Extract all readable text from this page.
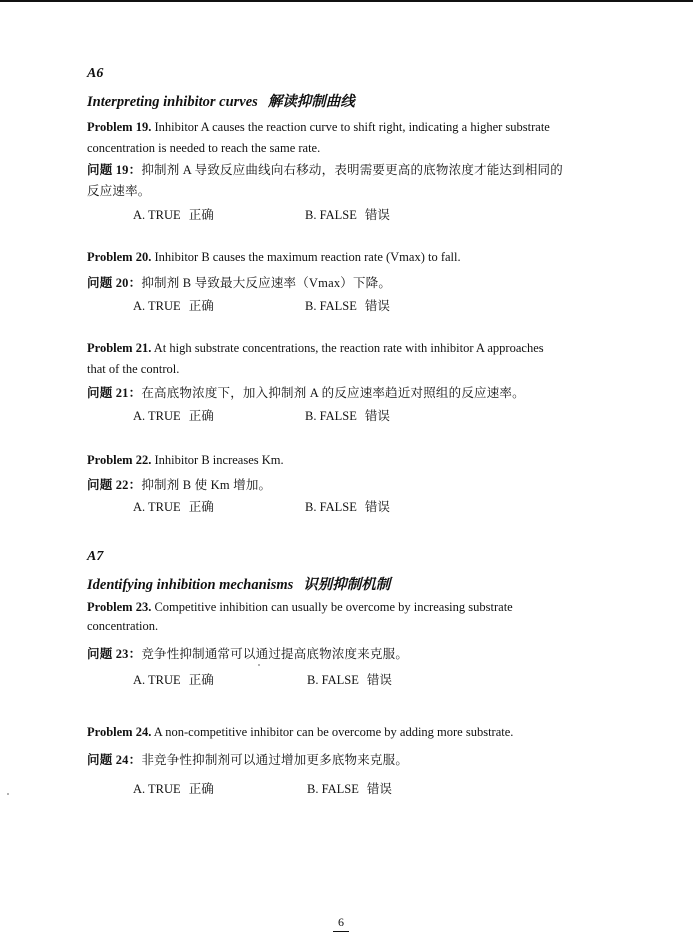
A6
Interpreting inhibitor curves 解读抑制曲线
Problem 19. Inhibitor A causes the reaction curve to shift right, indicating a higher substrate
concentration is needed to reach the same rate.
问题 19：抑制剂 A 导致反应曲线向右移动，表明需要更高的底物浓度才能达到相同的
反应速率。
A. TRUE 正确	B. FALSE 错误
Problem 20. Inhibitor B causes the maximum reaction rate (Vmax) to fall.
问题 20：抑制剂 B 导致最大反应速率（Vmax）下降。
A. TRUE 正确	B. FALSE 错误
Problem 21. At high substrate concentrations, the reaction rate with inhibitor A approaches
that of the control.
问题 21：在高底物浓度下，加入抑制剂 A 的反应速率趋近对照组的反应速率。
A. TRUE 正确	B. FALSE 错误
Problem 22. Inhibitor B increases Km.
问题 22：抑制剂 B 使 Km 增加。
A. TRUE 正确	B. FALSE 错误
A7
Identifying inhibition mechanisms 识别抑制机制
Problem 23. Competitive inhibition can usually be overcome by increasing substrate
concentration.
问题 23：竞争性抑制通常可以通过提高底物浓度来克服。
A. TRUE 正确	B. FALSE 错误
Problem 24. A non-competitive inhibitor can be overcome by adding more substrate.
问题 24：非竞争性抑制剂可以通过增加更多底物来克服。
A. TRUE 正确	B. FALSE 错误
6
